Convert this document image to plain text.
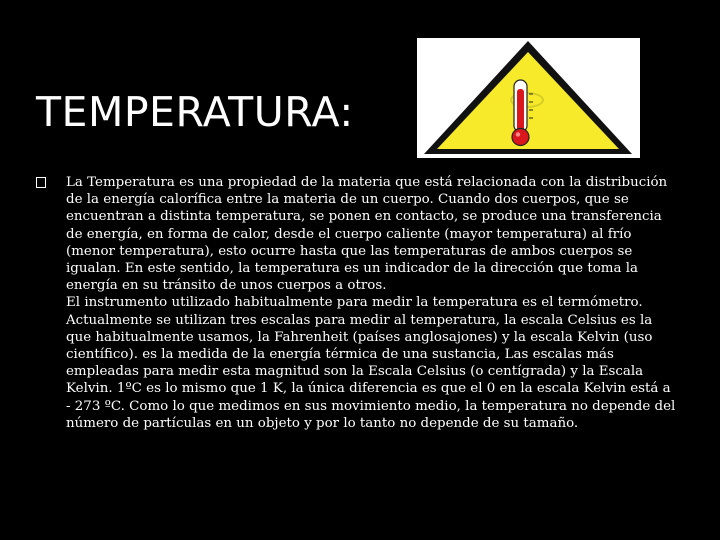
TEMPERATURA:

La Temperatura es una propiedad de la materia que está relacionada con la distribución de la energía calorífica entre la materia de un cuerpo. Cuando dos cuerpos, que se encuentran a distinta temperatura, se ponen en contacto, se produce una transferencia de energía, en forma de calor, desde el cuerpo caliente (mayor temperatura) al frío (menor temperatura), esto ocurre hasta que las temperaturas de ambos cuerpos se igualan. En este sentido, la temperatura es un indicador de la dirección que toma la energía en su tránsito de unos cuerpos a otros.
El instrumento utilizado habitualmente para medir la temperatura es el termómetro. Actualmente se utilizan tres escalas para medir al temperatura, la escala Celsius es la que habitualmente usamos, la Fahrenheit (países anglosajones) y la escala Kelvin (uso científico). es la medida de la energía térmica de una sustancia, Las escalas más empleadas para medir esta magnitud son la Escala Celsius (o centígrada) y la Escala Kelvin. 1ºC es lo mismo que 1 K, la única diferencia es que el 0 en la escala Kelvin está a - 273 ºC. Como lo que medimos en sus movimiento medio, la temperatura no depende del número de partículas en un objeto y por lo tanto no depende de su tamaño.
